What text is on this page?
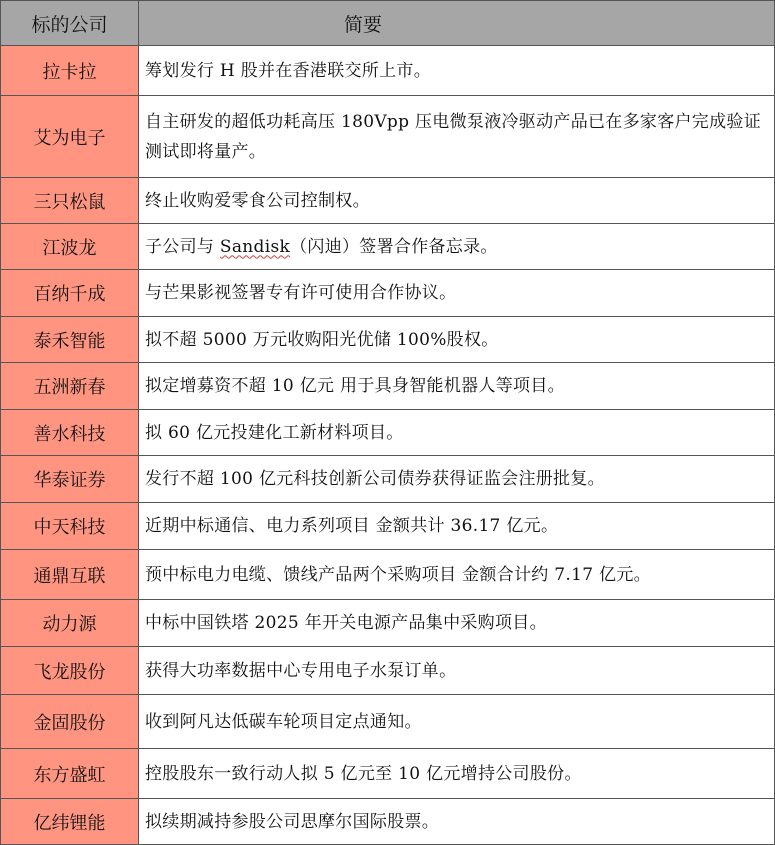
标的公司	简要
拉卡拉	筹划发行 H 股并在香港联交所上市。
艾为电子	自主研发的超低功耗高压 180Vpp 压电微泵液冷驱动产品已在多家客户完成验证测试即将量产。
三只松鼠	终止收购爱零食公司控制权。
江波龙	子公司与 Sandisk（闪迪）签署合作备忘录。
百纳千成	与芒果影视签署专有许可使用合作协议。
泰禾智能	拟不超 5000 万元收购阳光优储 100%股权。
五洲新春	拟定增募资不超 10 亿元 用于具身智能机器人等项目。
善水科技	拟 60 亿元投建化工新材料项目。
华泰证券	发行不超 100 亿元科技创新公司债券获得证监会注册批复。
中天科技	近期中标通信、电力系列项目 金额共计 36.17 亿元。
通鼎互联	预中标电力电缆、馈线产品两个采购项目 金额合计约 7.17 亿元。
动力源	中标中国铁塔 2025 年开关电源产品集中采购项目。
飞龙股份	获得大功率数据中心专用电子水泵订单。
金固股份	收到阿凡达低碳车轮项目定点通知。
东方盛虹	控股股东一致行动人拟 5 亿元至 10 亿元增持公司股份。
亿纬锂能	拟续期减持参股公司思摩尔国际股票。
